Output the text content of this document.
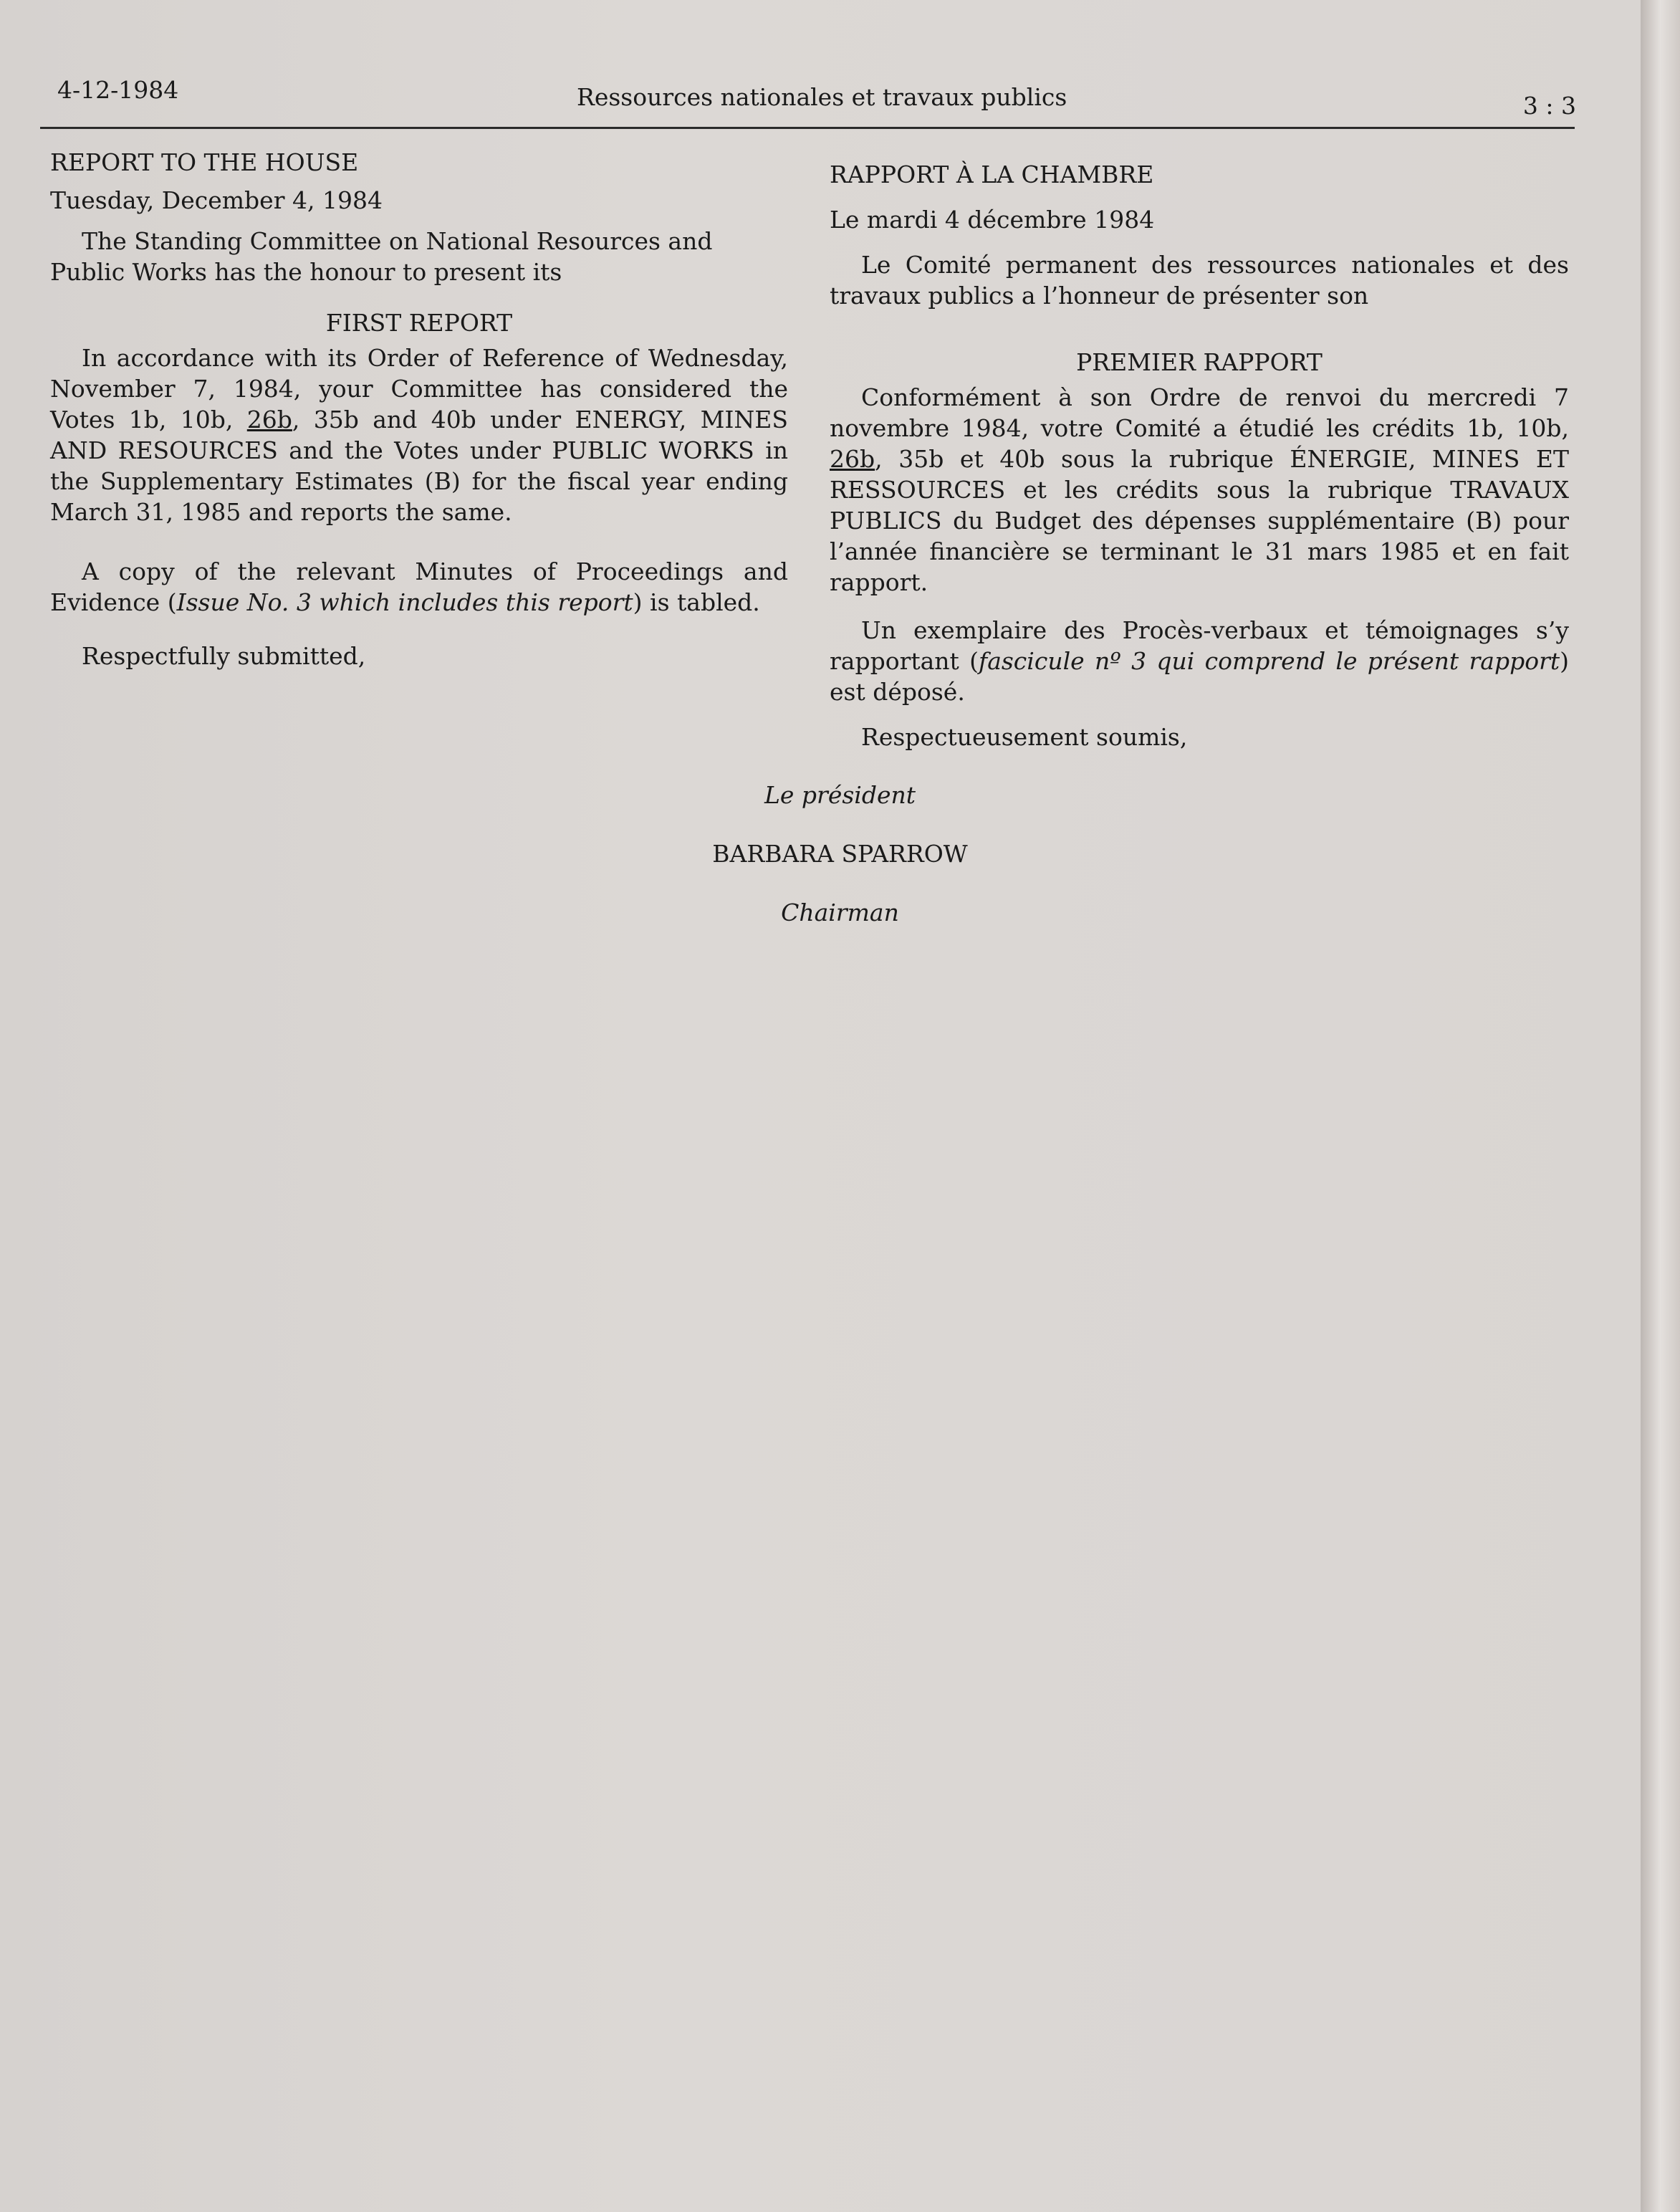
4-12-1984	Ressources nationales et travaux publics	3 : 3

REPORT TO THE HOUSE

Tuesday, December 4, 1984

The Standing Committee on National Resources and Public Works has the honour to present its

FIRST REPORT

In accordance with its Order of Reference of Wednesday, November 7, 1984, your Committee has considered the Votes 1b, 10b, 26b, 35b and 40b under ENERGY, MINES AND RESOURCES and the Votes under PUBLIC WORKS in the Supplementary Estimates (B) for the fiscal year ending March 31, 1985 and reports the same.

A copy of the relevant Minutes of Proceedings and Evidence (Issue No. 3 which includes this report) is tabled.

Respectfully submitted,

RAPPORT À LA CHAMBRE

Le mardi 4 décembre 1984

Le Comité permanent des ressources nationales et des travaux publics a l’honneur de présenter son

PREMIER RAPPORT

Conformément à son Ordre de renvoi du mercredi 7 novembre 1984, votre Comité a étudié les crédits 1b, 10b, 26b, 35b et 40b sous la rubrique ÉNERGIE, MINES ET RESSOURCES et les crédits sous la rubrique TRAVAUX PUBLICS du Budget des dépenses supplémentaire (B) pour l’année financière se terminant le 31 mars 1985 et en fait rapport.

Un exemplaire des Procès-verbaux et témoignages s’y rapportant (fascicule nº 3 qui comprend le présent rapport) est déposé.

Respectueusement soumis,

Le président
BARBARA SPARROW
Chairman
